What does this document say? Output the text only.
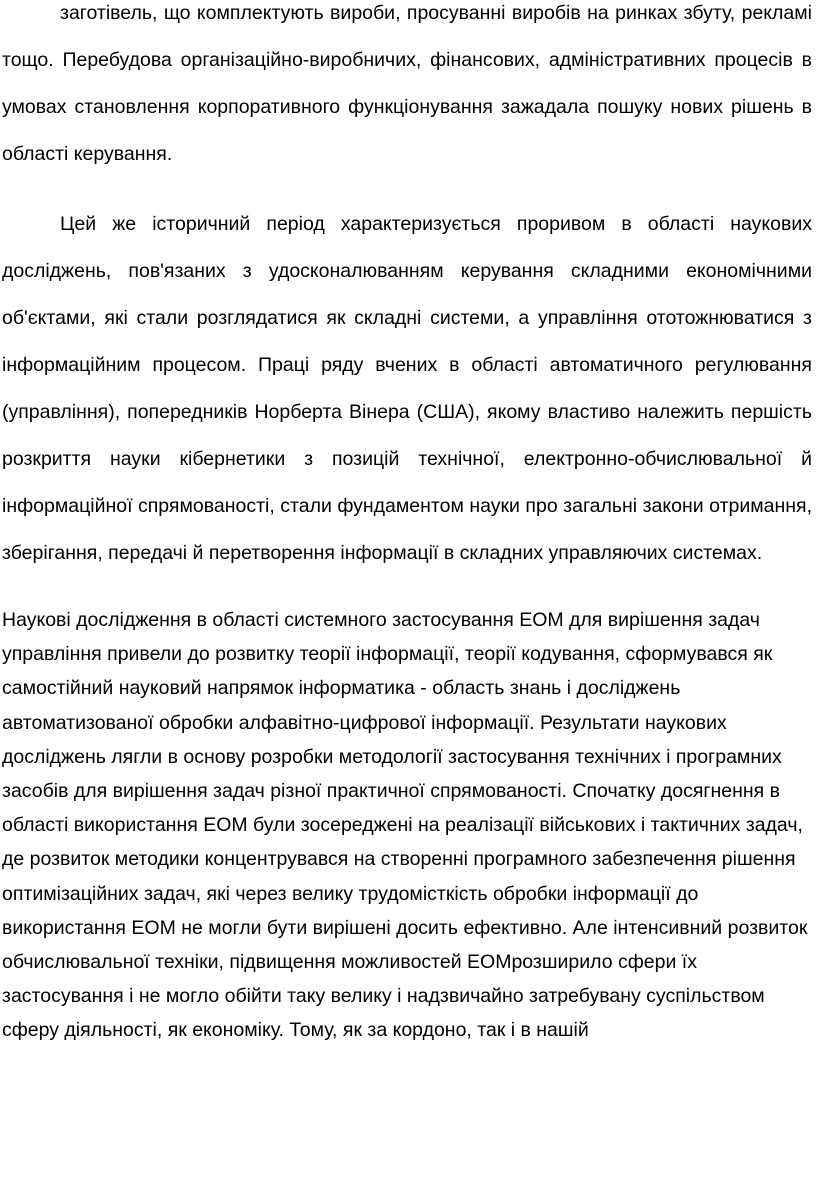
заготівель, що комплектують вироби, просуванні виробів на ринках збуту, рекламі тощо. Перебудова організаційно-виробничих, фінансових, адміністративних процесів в умовах становлення корпоративного функціонування зажадала пошуку нових рішень в області керування.

Цей же історичний період характеризується проривом в області наукових досліджень, пов'язаних з удосконалюванням керування складними економічними об'єктами, які стали розглядатися як складні системи, а управління ототожнюватися з інформаційним процесом. Праці ряду вчених в області автоматичного регулювання (управління), попередників Норберта Вінера (США), якому властиво належить першість розкриття науки кібернетики з позицій технічної, електронно-обчислювальної й інформаційної спрямованості, стали фундаментом науки про загальні закони отримання, зберігання, передачі й перетворення інформації в складних управляючих системах.

Наукові дослідження в області системного застосування ЕОМ для вирішення задач управління привели до розвитку теорії інформації, теорії кодування, сформувався як самостійний науковий напрямок інформатика - область знань і досліджень автоматизованої обробки алфавітно-цифрової інформації. Результати наукових досліджень лягли в основу розробки методології застосування технічних і програмних засобів для вирішення задач різної практичної спрямованості. Спочатку досягнення в області використання ЕОМ були зосереджені на реалізації військових і тактичних задач, де розвиток методики концентрувався на створенні програмного забезпечення рішення оптимізаційних задач, які через велику трудомісткість обробки інформації до використання ЕОМ не могли бути вирішені досить ефективно. Але інтенсивний розвиток обчислювальної техніки, підвищення можливостей ЕОМрозширило сфери їх застосування і не могло обійти таку велику і надзвичайно затребувану суспільством сферу діяльності, як економіку. Тому, як за кордоно, так і в нашій
